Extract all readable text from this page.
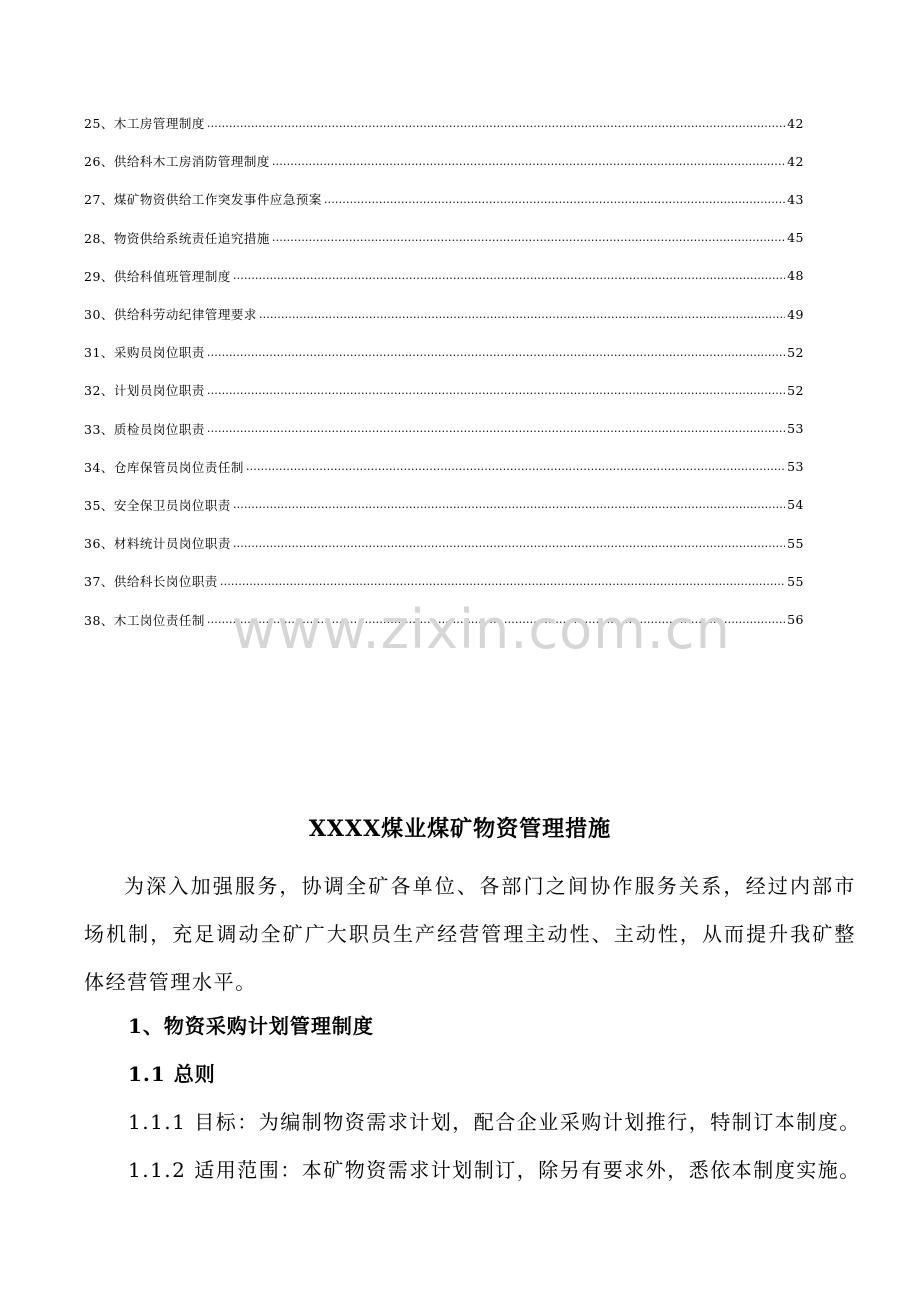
25、 木工房管理制度 ……………………………………………………………………………………………………………………………………………………………………………………………………………………	42
26、 供给科木工房消防管理制度 ……………………………………………………………………………………………………………………………………………………………………………………………………………………	42
27、 煤矿物资供给工作突发事件应急预案 ……………………………………………………………………………………………………………………………………………………………………………………………………………………	43
28、 物资供给系统责任追究措施 ……………………………………………………………………………………………………………………………………………………………………………………………………………………	45
29、 供给科值班管理制度 ……………………………………………………………………………………………………………………………………………………………………………………………………………………	48
30、 供给科劳动纪律管理要求 ……………………………………………………………………………………………………………………………………………………………………………………………………………………	49
31、 采购员岗位职责 ……………………………………………………………………………………………………………………………………………………………………………………………………………………	52
32、 计划员岗位职责 ……………………………………………………………………………………………………………………………………………………………………………………………………………………	52
33、 质检员岗位职责 ……………………………………………………………………………………………………………………………………………………………………………………………………………………	53
34、 仓库保管员岗位责任制 ……………………………………………………………………………………………………………………………………………………………………………………………………………………	53
35、 安全保卫员岗位职责 ……………………………………………………………………………………………………………………………………………………………………………………………………………………	54
36、 材料统计员岗位职责 ……………………………………………………………………………………………………………………………………………………………………………………………………………………	55
37、 供给科长岗位职责 ……………………………………………………………………………………………………………………………………………………………………………………………………………………	55
38、 木工岗位责任制 ……………………………………………………………………………………………………………………………………………………………………………………………………………………	56
www.zixin.com.cn
XXXX煤业煤矿物资管理措施
为深入加强服务，协调全矿各单位、各部门之间协作服务关系，经过内部市场机制，充足调动全矿广大职员生产经营管理主动性、主动性，从而提升我矿整体经营管理水平。
1、物资采购计划管理制度
1.1 总则
1.1.1 目标：为编制物资需求计划，配合企业采购计划推行，特制订本制度。
1.1.2 适用范围：本矿物资需求计划制订，除另有要求外，悉依本制度实施。
